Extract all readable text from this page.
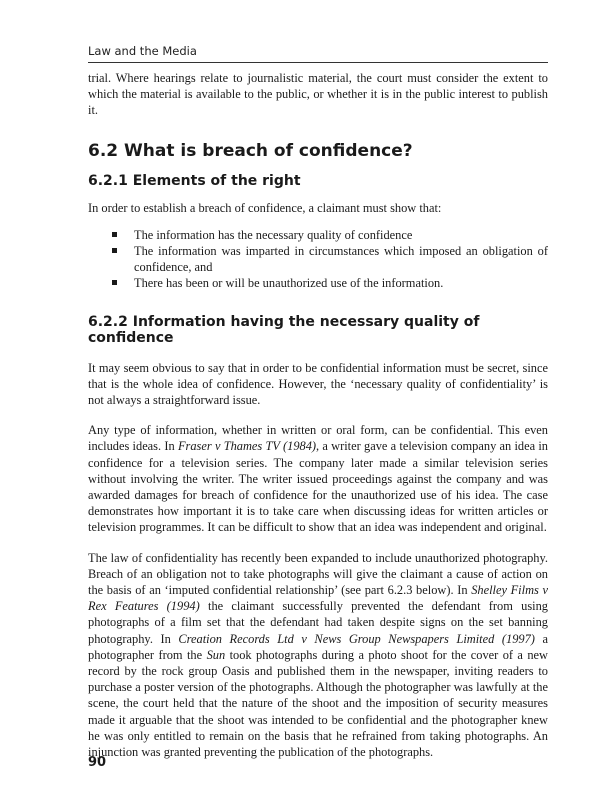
Law and the Media

trial. Where hearings relate to journalistic material, the court must consider the extent to which the material is available to the public, or whether it is in the public interest to publish it.

6.2 What is breach of confidence?
6.2.1 Elements of the right

In order to establish a breach of confidence, a claimant must show that:

The information has the necessary quality of confidence
The information was imparted in circumstances which imposed an obligation of confidence, and
There has been or will be unauthorized use of the information.
6.2.2 Information having the necessary quality of confidence

It may seem obvious to say that in order to be confidential information must be secret, since that is the whole idea of confidence. However, the ‘necessary quality of confidentiality’ is not always a straightforward issue.

Any type of information, whether in written or oral form, can be confidential. This even includes ideas. In Fraser v Thames TV (1984), a writer gave a television company an idea in confidence for a television series. The company later made a similar television series without involving the writer. The writer issued proceedings against the company and was awarded damages for breach of confidence for the unauthorized use of his idea. The case demonstrates how important it is to take care when discussing ideas for written articles or television programmes. It can be difficult to show that an idea was independent and original.

The law of confidentiality has recently been expanded to include unauthorized photography. Breach of an obligation not to take photographs will give the claimant a cause of action on the basis of an ‘imputed confidential relationship’ (see part 6.2.3 below). In Shelley Films v Rex Features (1994) the claimant successfully prevented the defendant from using photographs of a film set that the defendant had taken despite signs on the set banning photography. In Creation Records Ltd v News Group Newspapers Limited (1997) a photographer from the Sun took photographs during a photo shoot for the cover of a new record by the rock group Oasis and published them in the newspaper, inviting readers to purchase a poster version of the photographs. Although the photographer was lawfully at the scene, the court held that the nature of the shoot and the imposition of security measures made it arguable that the shoot was intended to be confidential and the photographer knew he was only entitled to remain on the basis that he refrained from taking photographs. An injunction was granted preventing the publication of the photographs.

90
